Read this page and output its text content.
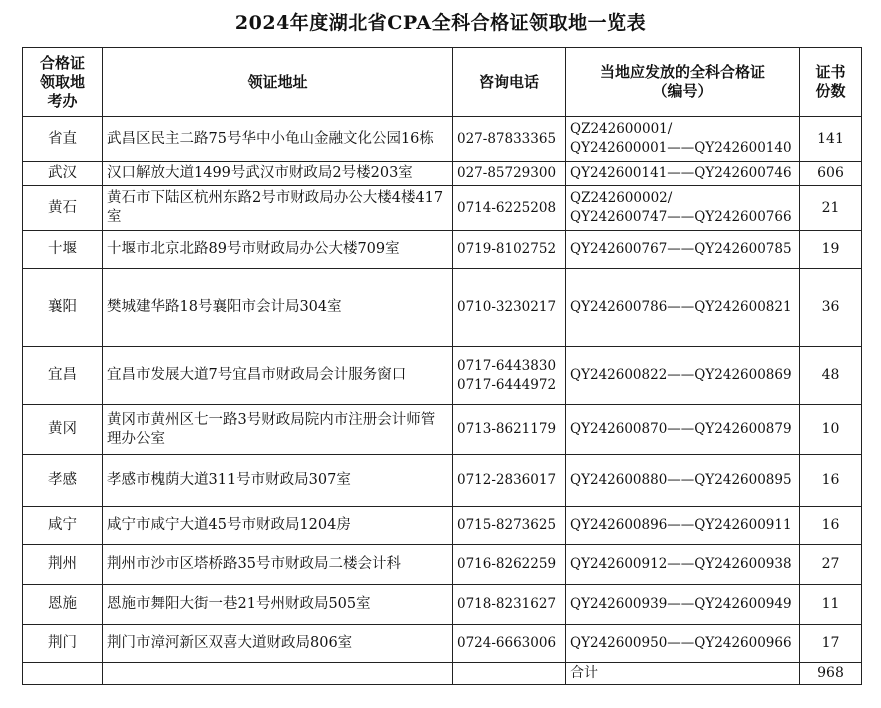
2024年度湖北省CPA全科合格证领取地一览表
合格证
领取地
考办	领证地址	咨询电话	当地应发放的全科合格证
（编号）	证书
份数

省直	武昌区民主二路75号华中小龟山金融文化公园16栋	027-87833365	QZ242600001/
QY242600001——QY242600140	141
武汉	汉口解放大道1499号武汉市财政局2号楼203室	027-85729300	QY242600141——QY242600746	606
黄石	黄石市下陆区杭州东路2号市财政局办公大楼4楼417室	0714-6225208	QZ242600002/
QY242600747——QY242600766	21
十堰	十堰市北京北路89号市财政局办公大楼709室	0719-8102752	QY242600767——QY242600785	19
襄阳	樊城建华路18号襄阳市会计局304室	0710-3230217	QY242600786——QY242600821	36
宜昌	宜昌市发展大道7号宜昌市财政局会计服务窗口	0717-6443830
0717-6444972	QY242600822——QY242600869	48
黄冈	黄冈市黄州区七一路3号财政局院内市注册会计师管理办公室	0713-8621179	QY242600870——QY242600879	10
孝感	孝感市槐荫大道311号市财政局307室	0712-2836017	QY242600880——QY242600895	16
咸宁	咸宁市咸宁大道45号市财政局1204房	0715-8273625	QY242600896——QY242600911	16
荆州	荆州市沙市区塔桥路35号市财政局二楼会计科	0716-8262259	QY242600912——QY242600938	27
恩施	恩施市舞阳大街一巷21号州财政局505室	0718-8231627	QY242600939——QY242600949	11
荆门	荆门市漳河新区双喜大道财政局806室	0724-6663006	QY242600950——QY242600966	17
			合计	968
